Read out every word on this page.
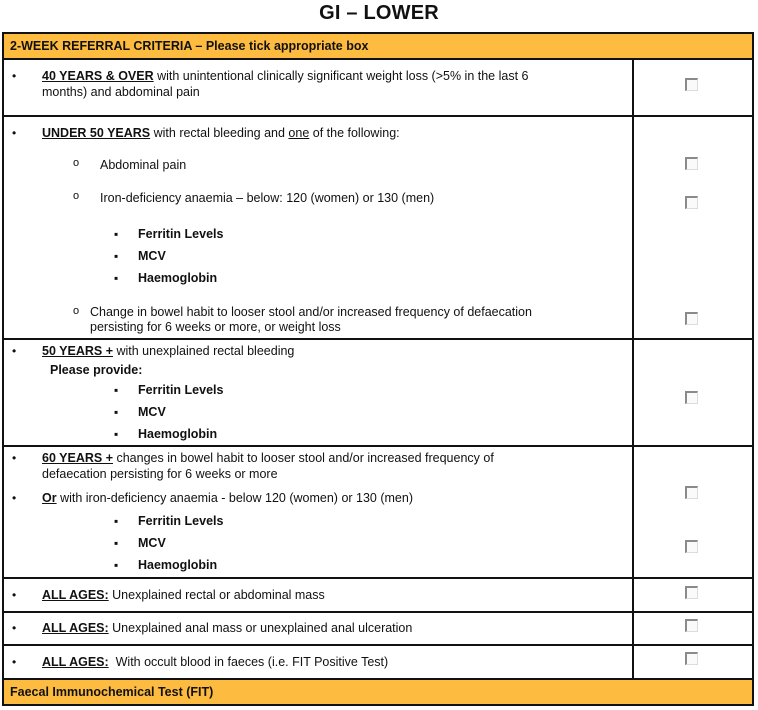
GI – LOWER
2-WEEK REFERRAL CRITERIA – Please tick appropriate box
• 40 YEARS & OVER with unintentional clinically significant weight loss (>5% in the last 6
months) and abdominal pain
• UNDER 50 YEARS with rectal bleeding and one of the following:
o Abdominal pain
o Iron-deficiency anaemia – below: 120 (women) or 130 (men)
▪ Ferritin Levels
▪ MCV
▪ Haemoglobin
o Change in bowel habit to looser stool and/or increased frequency of defaecation
persisting for 6 weeks or more, or weight loss
• 50 YEARS + with unexplained rectal bleeding
Please provide:
▪ Ferritin Levels
▪ MCV
▪ Haemoglobin
• 60 YEARS + changes in bowel habit to looser stool and/or increased frequency of
defaecation persisting for 6 weeks or more
• Or with iron-deficiency anaemia - below 120 (women) or 130 (men)
▪ Ferritin Levels
▪ MCV
▪ Haemoglobin
• ALL AGES: Unexplained rectal or abdominal mass
• ALL AGES: Unexplained anal mass or unexplained anal ulceration
• ALL AGES:  With occult blood in faeces (i.e. FIT Positive Test)
Faecal Immunochemical Test (FIT)
